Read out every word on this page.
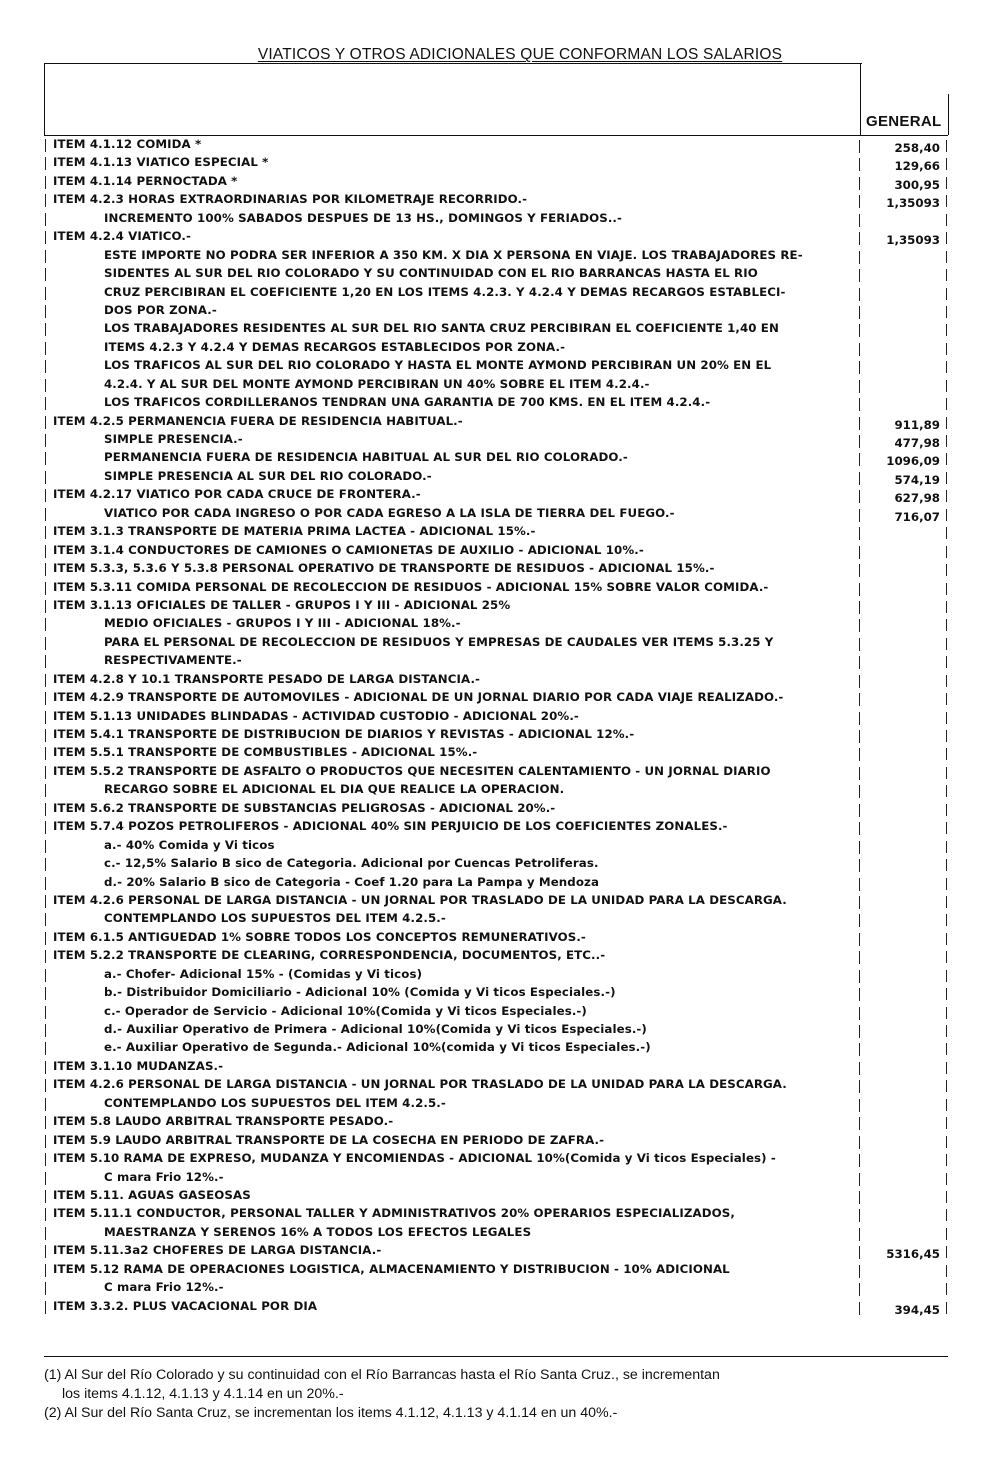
VIATICOS Y OTROS ADICIONALES QUE CONFORMAN LOS SALARIOS
GENERAL
ITEM 4.1.12 COMIDA *	258,40
ITEM 4.1.13 VIATICO ESPECIAL *	129,66
ITEM 4.1.14 PERNOCTADA *	300,95
ITEM 4.2.3 HORAS EXTRAORDINARIAS POR KILOMETRAJE RECORRIDO.-	1,35093
INCREMENTO 100% SABADOS DESPUES DE 13 HS., DOMINGOS Y FERIADOS..-
ITEM 4.2.4 VIATICO.-	1,35093
ESTE IMPORTE NO PODRA SER INFERIOR A 350 KM. X DIA X PERSONA EN VIAJE. LOS TRABAJADORES RE-
SIDENTES AL SUR DEL RIO COLORADO Y SU CONTINUIDAD CON EL RIO BARRANCAS HASTA EL RIO
CRUZ PERCIBIRAN EL COEFICIENTE 1,20 EN LOS ITEMS 4.2.3. Y 4.2.4 Y DEMAS RECARGOS ESTABLECI-
DOS POR ZONA.-
LOS TRABAJADORES RESIDENTES AL SUR DEL RIO SANTA CRUZ PERCIBIRAN EL COEFICIENTE 1,40 EN
ITEMS 4.2.3 Y 4.2.4 Y DEMAS RECARGOS ESTABLECIDOS POR ZONA.-
LOS TRAFICOS AL SUR DEL RIO COLORADO Y HASTA EL MONTE AYMOND PERCIBIRAN UN 20% EN EL
4.2.4. Y AL SUR DEL MONTE AYMOND PERCIBIRAN UN 40% SOBRE EL ITEM 4.2.4.-
LOS TRAFICOS CORDILLERANOS TENDRAN UNA GARANTIA DE 700 KMS. EN EL ITEM 4.2.4.-
ITEM 4.2.5 PERMANENCIA FUERA DE RESIDENCIA HABITUAL.-	911,89
SIMPLE PRESENCIA.-	477,98
PERMANENCIA FUERA DE RESIDENCIA HABITUAL AL SUR DEL RIO COLORADO.-	1096,09
SIMPLE PRESENCIA AL SUR DEL RIO COLORADO.-	574,19
ITEM 4.2.17 VIATICO POR CADA CRUCE DE FRONTERA.-	627,98
VIATICO POR CADA INGRESO O POR CADA EGRESO A LA ISLA DE TIERRA DEL FUEGO.-	716,07
ITEM 3.1.3 TRANSPORTE DE MATERIA PRIMA LACTEA - ADICIONAL 15%.-
ITEM 3.1.4 CONDUCTORES DE CAMIONES O CAMIONETAS DE AUXILIO - ADICIONAL 10%.-
ITEM 5.3.3, 5.3.6 Y 5.3.8 PERSONAL OPERATIVO DE TRANSPORTE DE RESIDUOS - ADICIONAL 15%.-
ITEM 5.3.11 COMIDA PERSONAL DE RECOLECCION DE RESIDUOS - ADICIONAL 15% SOBRE VALOR COMIDA.-
ITEM 3.1.13 OFICIALES DE TALLER - GRUPOS I Y III - ADICIONAL 25%
MEDIO OFICIALES - GRUPOS I Y III - ADICIONAL 18%.-
PARA EL PERSONAL DE RECOLECCION DE RESIDUOS Y EMPRESAS DE CAUDALES VER ITEMS 5.3.25 Y
RESPECTIVAMENTE.-
ITEM 4.2.8 Y 10.1 TRANSPORTE PESADO DE LARGA DISTANCIA.-
ITEM 4.2.9 TRANSPORTE DE AUTOMOVILES - ADICIONAL DE UN JORNAL DIARIO POR CADA VIAJE REALIZADO.-
ITEM 5.1.13 UNIDADES BLINDADAS - ACTIVIDAD CUSTODIO - ADICIONAL 20%.-
ITEM 5.4.1 TRANSPORTE DE DISTRIBUCION DE DIARIOS Y REVISTAS - ADICIONAL 12%.-
ITEM 5.5.1 TRANSPORTE DE COMBUSTIBLES - ADICIONAL 15%.-
ITEM 5.5.2 TRANSPORTE DE ASFALTO O PRODUCTOS QUE NECESITEN CALENTAMIENTO - UN JORNAL DIARIO
RECARGO SOBRE EL ADICIONAL EL DIA QUE REALICE LA OPERACION.
ITEM 5.6.2 TRANSPORTE DE SUBSTANCIAS PELIGROSAS - ADICIONAL 20%.-
ITEM 5.7.4 POZOS PETROLIFEROS - ADICIONAL 40% SIN PERJUICIO DE LOS COEFICIENTES ZONALES.-
a.- 40% Comida y Vi ticos
c.- 12,5% Salario B sico de Categoria. Adicional por Cuencas Petroliferas.
d.- 20% Salario B sico de Categoria - Coef 1.20 para La Pampa y Mendoza
ITEM 4.2.6 PERSONAL DE LARGA DISTANCIA - UN JORNAL POR TRASLADO DE LA UNIDAD PARA LA DESCARGA.
CONTEMPLANDO LOS SUPUESTOS DEL ITEM 4.2.5.-
ITEM 6.1.5 ANTIGUEDAD 1% SOBRE TODOS LOS CONCEPTOS REMUNERATIVOS.-
ITEM 5.2.2 TRANSPORTE DE CLEARING, CORRESPONDENCIA, DOCUMENTOS, ETC..-
a.- Chofer- Adicional 15% - (Comidas y Vi ticos)
b.- Distribuidor Domiciliario - Adicional 10% (Comida y Vi ticos Especiales.-)
c.- Operador de Servicio - Adicional 10%(Comida y Vi ticos Especiales.-)
d.- Auxiliar Operativo de Primera - Adicional 10%(Comida y Vi ticos Especiales.-)
e.- Auxiliar Operativo de Segunda.- Adicional 10%(comida y Vi ticos Especiales.-)
ITEM 3.1.10 MUDANZAS.-
ITEM 4.2.6 PERSONAL DE LARGA DISTANCIA - UN JORNAL POR TRASLADO DE LA UNIDAD PARA LA DESCARGA.
CONTEMPLANDO LOS SUPUESTOS DEL ITEM 4.2.5.-
ITEM 5.8 LAUDO ARBITRAL TRANSPORTE PESADO.-
ITEM 5.9 LAUDO ARBITRAL TRANSPORTE DE LA COSECHA EN PERIODO DE ZAFRA.-
ITEM 5.10 RAMA DE EXPRESO, MUDANZA Y ENCOMIENDAS - ADICIONAL 10%(Comida y Vi ticos Especiales) -
C mara Frio 12%.-
ITEM 5.11. AGUAS GASEOSAS
ITEM 5.11.1 CONDUCTOR, PERSONAL TALLER Y ADMINISTRATIVOS 20% OPERARIOS ESPECIALIZADOS,
MAESTRANZA Y SERENOS 16% A TODOS LOS EFECTOS LEGALES
ITEM 5.11.3a2 CHOFERES DE LARGA DISTANCIA.-	5316,45
ITEM 5.12 RAMA DE OPERACIONES LOGISTICA, ALMACENAMIENTO Y DISTRIBUCION - 10% ADICIONAL
C mara Frio 12%.-
ITEM 3.3.2. PLUS VACACIONAL POR DIA	394,45
(1) Al Sur del Río Colorado y su continuidad con el Río Barrancas hasta el Río Santa Cruz., se incrementan
los items 4.1.12, 4.1.13 y 4.1.14 en un 20%.-
(2) Al Sur del Río Santa Cruz, se incrementan los items 4.1.12, 4.1.13 y 4.1.14 en un 40%.-
